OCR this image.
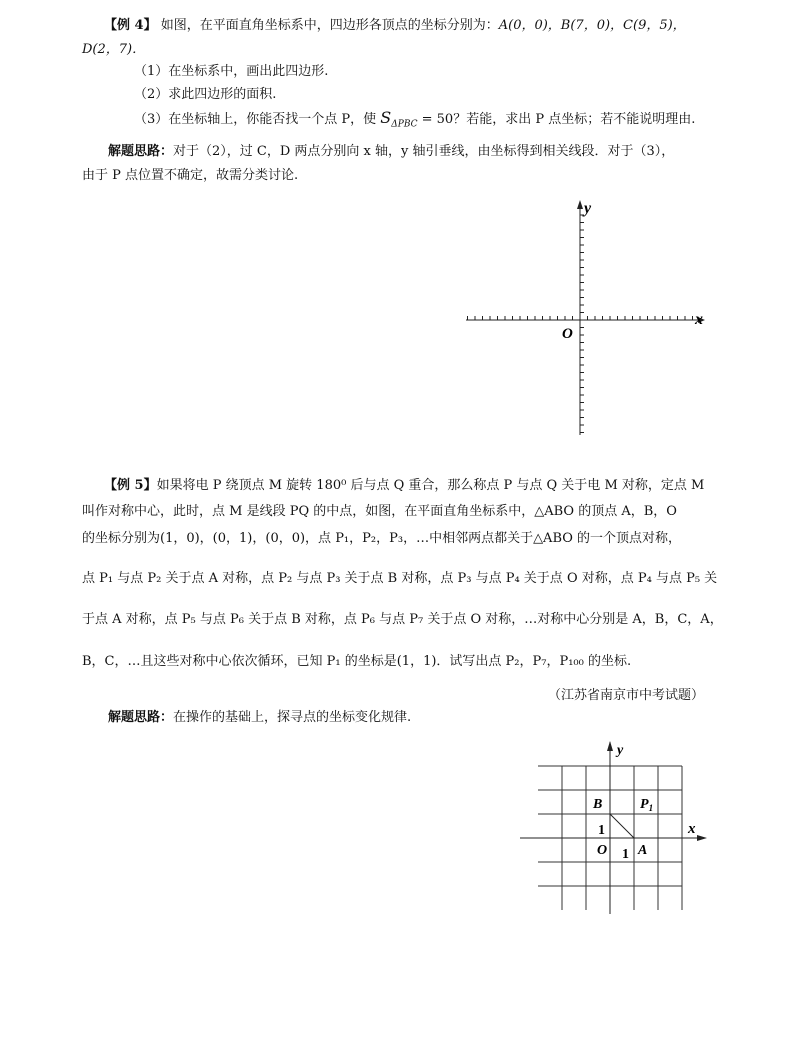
【例 4】 如图，在平面直角坐标系中，四边形各顶点的坐标分别为：A(0，0)，B(7，0)，C(9，5)，
D(2，7)．
（1）在坐标系中，画出此四边形.
（2）求此四边形的面积.
（3）在坐标轴上，你能否找一个点 P，使 $S_{\Delta PBC} = 50$？若能，求出 P 点坐标；若不能说明理由.
解题思路：对于（2），过 C，D 两点分别向 x 轴，y 轴引垂线，由坐标得到相关线段．对于（3），
由于 P 点位置不确定，故需分类讨论.
x
y
O
【例 5】如果将电 P 绕顶点 M 旋转 180⁰ 后与点 Q 重合，那么称点 P 与点 Q 关于电 M 对称，定点 M
叫作对称中心，此时，点 M 是线段 PQ 的中点，如图，在平面直角坐标系中，△ABO 的顶点 A，B，O
的坐标分别为(1，0)，(0，1)，(0，0)，点 P₁，P₂，P₃，…中相邻两点都关于△ABO 的一个顶点对称，
点 P₁ 与点 P₂ 关于点 A 对称，点 P₂ 与点 P₃ 关于点 B 对称，点 P₃ 与点 P₄ 关于点 O 对称，点 P₄ 与点 P₅ 关
于点 A 对称，点 P₅ 与点 P₆ 关于点 B 对称，点 P₆ 与点 P₇ 关于点 O 对称，…对称中心分别是 A，B，C，A，
B，C，…且这些对称中心依次循环，已知 P₁ 的坐标是(1，1)．试写出点 P₂，P₇，P₁₀₀ 的坐标.
（江苏省南京市中考试题）
解题思路：在操作的基础上，探寻点的坐标变化规律.
y
x
B	$P_1$
1
O 1 A
